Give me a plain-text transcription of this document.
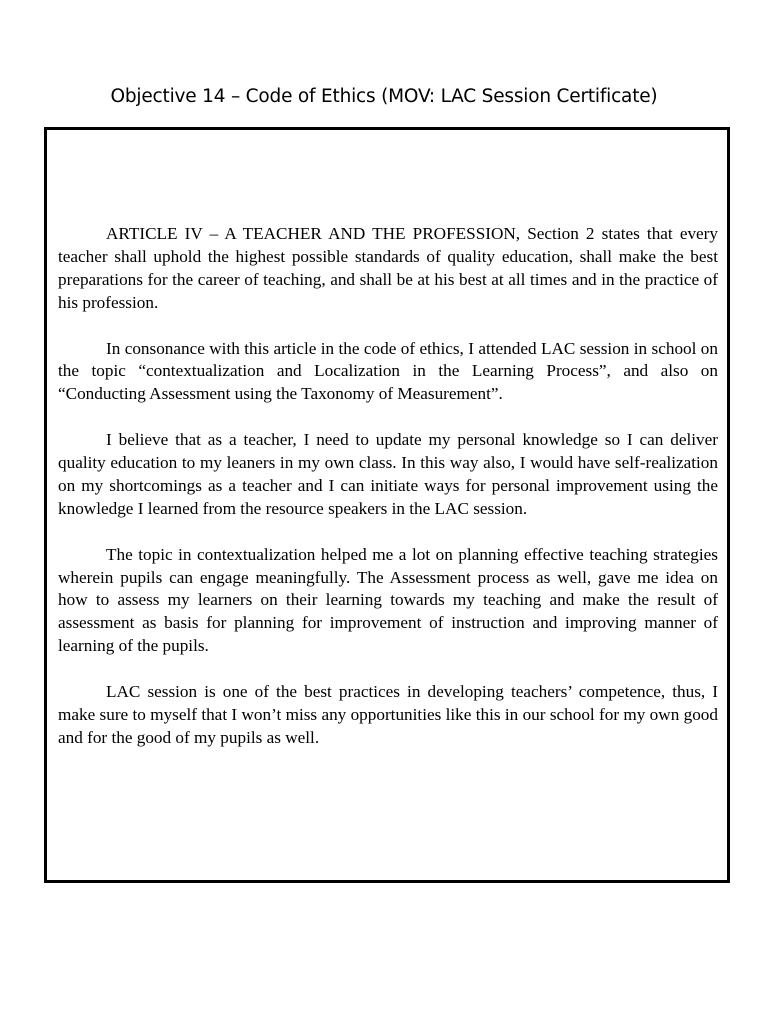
Objective 14 – Code of Ethics (MOV: LAC Session Certificate)

ARTICLE IV – A TEACHER AND THE PROFESSION, Section 2 states that every teacher shall uphold the highest possible standards of quality education, shall make the best preparations for the career of teaching, and shall be at his best at all times and in the practice of his profession.

In consonance with this article in the code of ethics, I attended LAC session in school on the topic “contextualization and Localization in the Learning Process”, and also on “Conducting Assessment using the Taxonomy of Measurement”.

I believe that as a teacher, I need to update my personal knowledge so I can deliver quality education to my leaners in my own class. In this way also, I would have self-realization on my shortcomings as a teacher and I can initiate ways for personal improvement using the knowledge I learned from the resource speakers in the LAC session.

The topic in contextualization helped me a lot on planning effective teaching strategies wherein pupils can engage meaningfully. The Assessment process as well, gave me idea on how to assess my learners on their learning towards my teaching and make the result of assessment as basis for planning for improvement of instruction and improving manner of learning of the pupils.

LAC session is one of the best practices in developing teachers’ competence, thus, I make sure to myself that I won’t miss any opportunities like this in our school for my own good and for the good of my pupils as well.
